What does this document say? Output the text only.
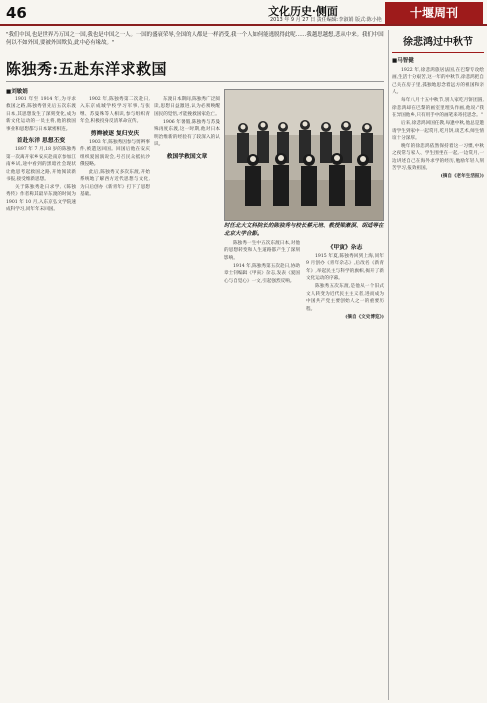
46	文化历史·侧面
2013 年 9 月 27 日 责任编辑:李淑娟 版式:陈小艳	十堰周刊
"我们中国,也是世界乃万国之一国,我也是中国之一人。一国的盛衰荣辱,全国的人都是一样消受,我一个人如何能逃脱得此呢……我越思越想,悲从中来。我们中国何以不如外国,要被外国欺负,此中必有缘故。"
陈独秀:五赴东洋求救国
■刘敏娟

1901 年至 1914 年,为寻求救国之路,陈独秀曾先后五次东渡日本,其思想发生了深刻变化,成为新文化运动的一员主将,他的救国事业和思想都与日本紧密相连。

首赴东洋 思想丕变

1897 年 7 月,18 岁的陈独秀第一次离开家乡安庆赴南京参加江南乡试,途中看到的黑暗社会现状让他思考起救国之路,开始阅读新书报,接受维新思想。

关于陈独秀赴日求学,《陈独秀传》作者称其最早东渡的时间为 1901 年 10 月,入东京弘文学院速成科学习,同年年末回国。

1902 年,陈独秀第二次赴日,入东京成城学校学习军事,与张继、苏曼殊等人相识,参与组织青年会,积极投身反清革命宣传。

剪辫被逐 复归安庆

1903 年,陈独秀因参与剪辫事件,被遣送回国。回国后他在安庆组织爱国演说会,号召民众抵抗沙俄侵略。

此后,陈独秀又多次东渡,开始系统地了解西方近代思想与文化,为日后创办《新青年》打下了思想基础。

东渡日本期间,陈独秀广泛阅读,思想日益激进,认为必须唤醒国民的觉悟,才能挽救国家危亡。

1906 年暑假,陈独秀与苏曼殊再度东渡,这一时期,他对日本明治维新的经验有了较深入的认识。

救国学救国文章
时任北大文科院长的陈独秀与校长蔡元培、教授梁漱溟、胡适等在北京大学合影。

陈独秀一生中五次东渡日本,对他的思想转变和人生道路都产生了深刻影响。

1914 年,陈独秀第五次赴日,协助章士钊编辑《甲寅》杂志,发表《爱国心与自觉心》一文,引起强烈反响。

《甲寅》杂志

1915 年夏,陈独秀回到上海,同年 9 月创办《青年杂志》,后改名《新青年》,举起民主与科学的旗帜,揭开了新文化运动的序幕。

陈独秀五次东渡,是他从一个旧式文人转变为近代民主主义者,进而成为中国共产党主要创始人之一的重要历程。

(摘自《文史博览》)

徐悲鸿过中秋节
■马智健

1922 年,徐悲鸿旅居法国,在巴黎专攻绘画,生活十分艰苦,这一年的中秋节,徐悲鸿把自己关在房子里,孤独地思念着远方的祖国和亲人。

每年八月十五中秋节,别人家吃月饼团圆,徐悲鸿却在巴黎的画室里埋头作画,他说:"我在异国他乡,只有用手中的画笔来寄托思念。"

后来,徐悲鸿回国任教,每逢中秋,他总是邀请学生到家中一起赏月,吃月饼,谈艺术,师生情谊十分深厚。

晚年的徐悲鸿依然保持着这一习惯,中秋之夜常与家人、学生围坐在一起,一边赏月,一边讲述自己在海外求学的经历,勉励年轻人刻苦学习,报效祖国。

(摘自《老年生活报》)
